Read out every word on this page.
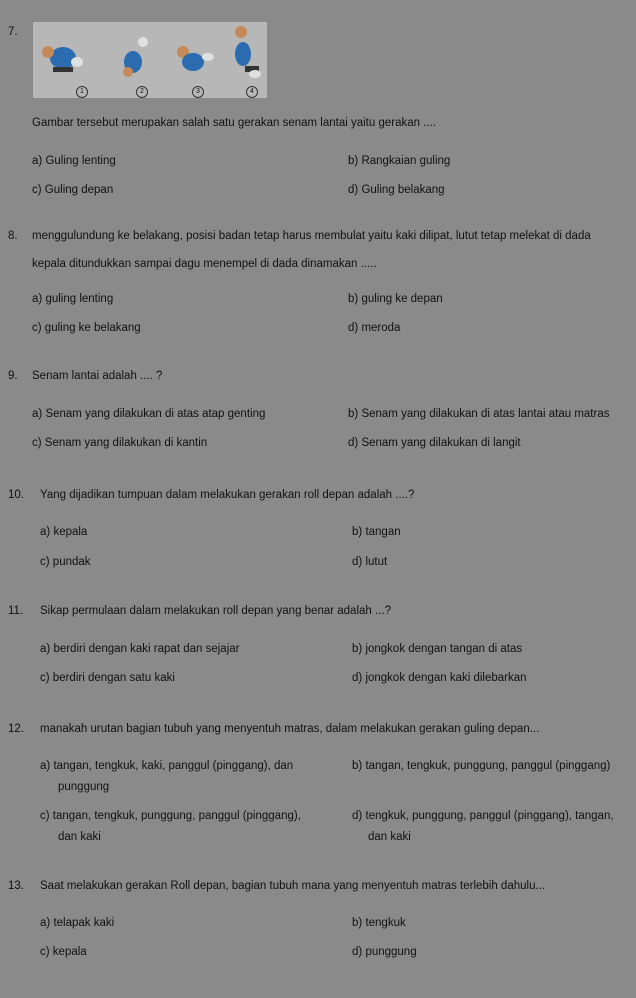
7.
1	2	3	4
Gambar tersebut merupakan salah satu gerakan senam lantai yaitu gerakan ....
a) Guling lenting	b) Rangkaian guling
c) Guling depan	d) Guling belakang
8. menggulundung ke belakang, posisi badan tetap harus membulat yaitu kaki dilipat, lutut tetap melekat di dada
kepala ditundukkan sampai dagu menempel di dada dinamakan .....
a) guling lenting	b) guling ke depan
c) guling ke belakang	d) meroda
9. Senam lantai adalah .... ?
a) Senam yang dilakukan di atas atap genting	b) Senam yang dilakukan di atas lantai atau matras
c) Senam yang dilakukan di kantin	d) Senam yang dilakukan di langit
10. Yang dijadikan tumpuan dalam melakukan gerakan roll depan adalah ....?
a) kepala	b) tangan
c) pundak	d) lutut
11. Sikap permulaan dalam melakukan roll depan yang benar adalah ...?
a) berdiri dengan kaki rapat dan sejajar	b) jongkok dengan tangan di atas
c) berdiri dengan satu kaki	d) jongkok dengan kaki dilebarkan
12. manakah urutan bagian tubuh yang menyentuh matras, dalam melakukan gerakan guling depan...
a) tangan, tengkuk, kaki, panggul (pinggang), dan
punggung
b) tangan, tengkuk, punggung, panggul (pinggang)
c) tangan, tengkuk, punggung, panggul (pinggang),
dan kaki
d) tengkuk, punggung, panggul (pinggang), tangan,
dan kaki
13. Saat melakukan gerakan Roll depan, bagian tubuh mana yang menyentuh matras terlebih dahulu...
a) telapak kaki	b) tengkuk
c) kepala	d) punggung
